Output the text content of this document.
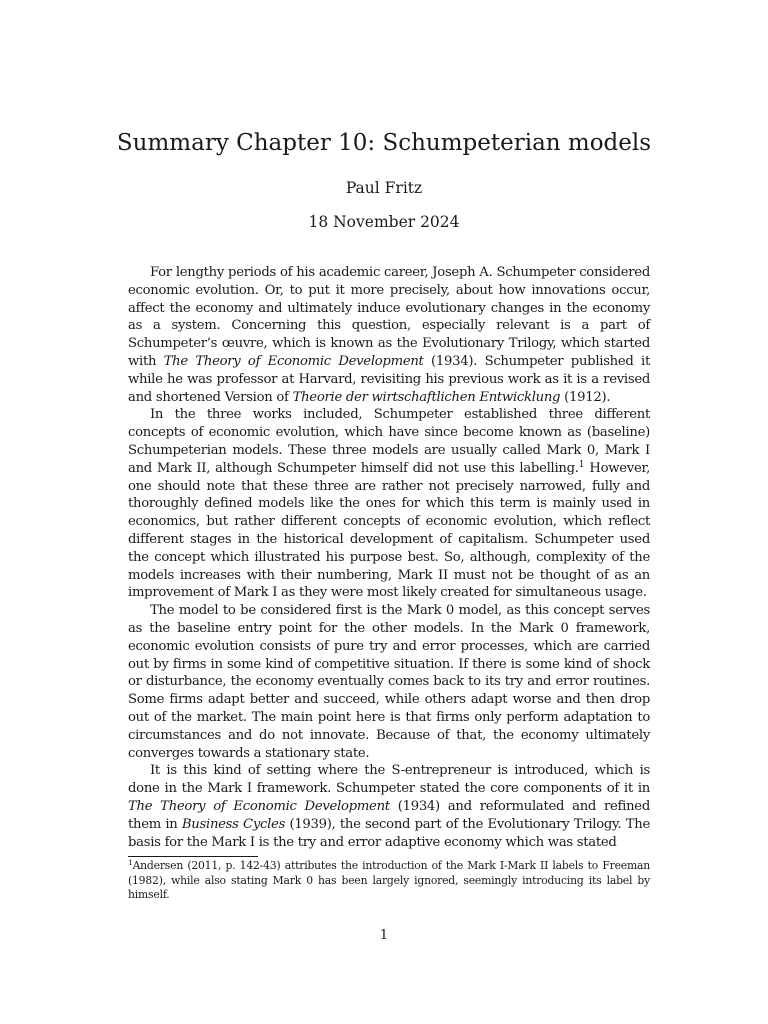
Summary Chapter 10: Schumpeterian models
Paul Fritz
18 November 2024

For lengthy periods of his academic career, Joseph A. Schumpeter considered economic evolution. Or, to put it more precisely, about how innovations occur, affect the economy and ultimately induce evolutionary changes in the economy as a system. Concerning this question, especially relevant is a part of Schumpeter’s œuvre, which is known as the Evolutionary Trilogy, which started with The Theory of Economic Development (1934). Schumpeter published it while he was professor at Harvard, revisiting his previous work as it is a revised and shortened Version of Theorie der wirtschaftlichen Entwicklung (1912).

In the three works included, Schumpeter established three different concepts of economic evolution, which have since become known as (baseline) Schumpeterian models. These three models are usually called Mark 0, Mark I and Mark II, although Schumpeter himself did not use this labelling.$^1$ However, one should note that these three are rather not precisely narrowed, fully and thoroughly defined models like the ones for which this term is mainly used in economics, but rather different concepts of economic evolution, which reflect different stages in the historical development of capitalism. Schumpeter used the concept which illustrated his purpose best. So, although, complexity of the models increases with their numbering, Mark II must not be thought of as an improvement of Mark I as they were most likely created for simultaneous usage.

The model to be considered first is the Mark 0 model, as this concept serves as the baseline entry point for the other models. In the Mark 0 framework, economic evolution consists of pure try and error processes, which are carried out by firms in some kind of competitive situation. If there is some kind of shock or disturbance, the economy eventually comes back to its try and error routines. Some firms adapt better and succeed, while others adapt worse and then drop out of the market. The main point here is that firms only perform adaptation to circumstances and do not innovate. Because of that, the economy ultimately converges towards a stationary state.

It is this kind of setting where the S-entrepreneur is introduced, which is done in the Mark I framework. Schumpeter stated the core components of it in The Theory of Economic Development (1934) and reformulated and refined them in Business Cycles (1939), the second part of the Evolutionary Trilogy. The basis for the Mark I is the try and error adaptive economy which was stated

$^1$Andersen (2011, p. 142-43) attributes the introduction of the Mark I-Mark II labels to Freeman (1982), while also stating Mark 0 has been largely ignored, seemingly introducing its label by himself.
1
